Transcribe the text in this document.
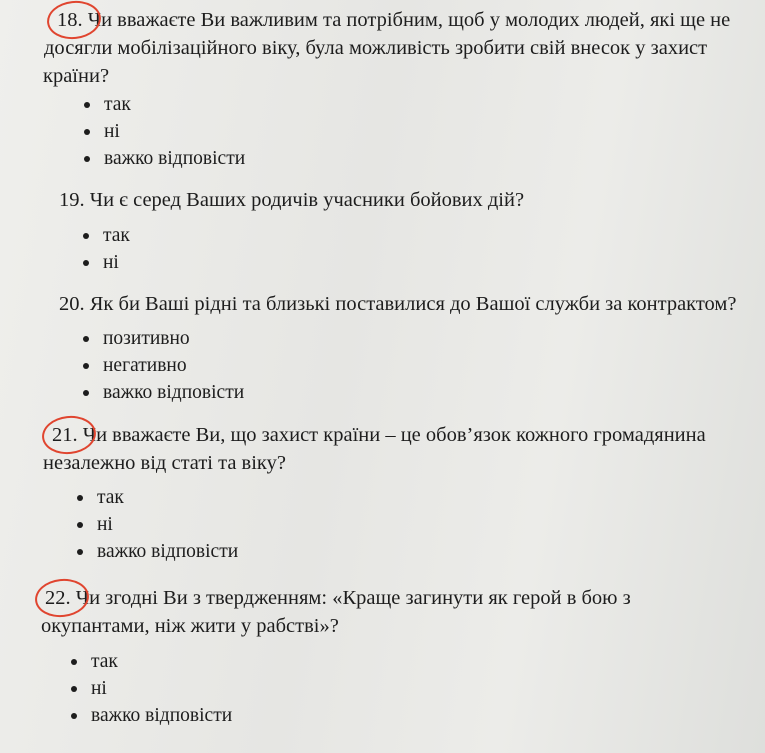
18. Чи вважаєте Ви важливим та потрібним, щоб у молодих людей, які ще не
досягли мобілізаційного віку, була можливість зробити свій внесок у захист
країни?
так
ні
важко відповісти
19. Чи є серед Ваших родичів учасники бойових дій?
так
ні
20. Як би Ваші рідні та близькі поставилися до Вашої служби за контрактом?
позитивно
негативно
важко відповісти
21. Чи вважаєте Ви, що захист країни – це обов’язок кожного громадянина
незалежно від статі та віку?
так
ні
важко відповісти
22. Чи згодні Ви з твердженням: «Краще загинути як герой в бою з
окупантами, ніж жити у рабстві»?
так
ні
важко відповісти
